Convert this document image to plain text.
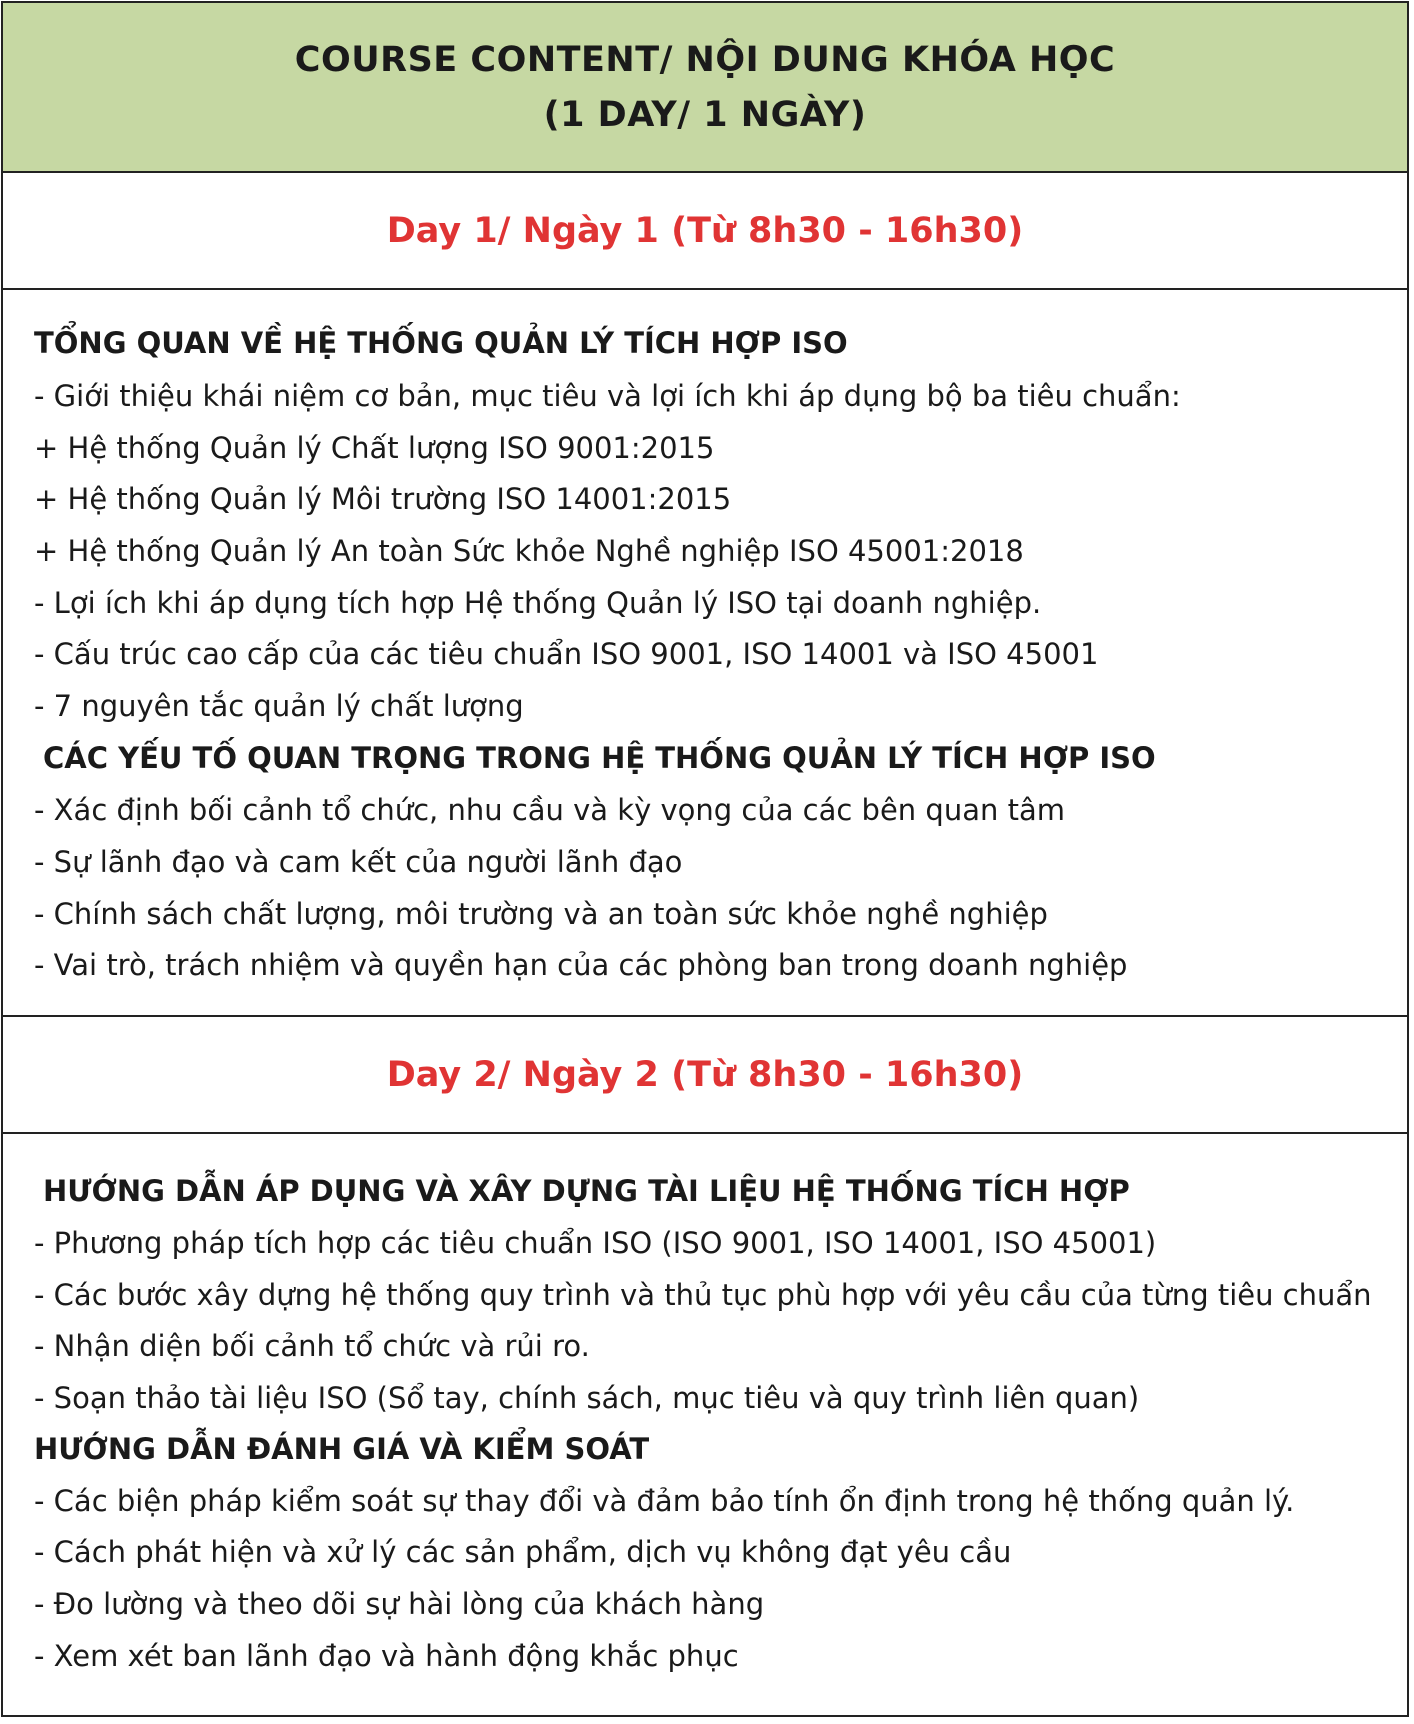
COURSE CONTENT/ NỘI DUNG KHÓA HỌC
(1 DAY/ 1 NGÀY)
Day 1/ Ngày 1 (Từ 8h30 - 16h30)
TỔNG QUAN VỀ HỆ THỐNG QUẢN LÝ TÍCH HỢP ISO
- Giới thiệu khái niệm cơ bản, mục tiêu và lợi ích khi áp dụng bộ ba tiêu chuẩn:
+ Hệ thống Quản lý Chất lượng ISO 9001:2015
+ Hệ thống Quản lý Môi trường ISO 14001:2015
+ Hệ thống Quản lý An toàn Sức khỏe Nghề nghiệp ISO 45001:2018
- Lợi ích khi áp dụng tích hợp Hệ thống Quản lý ISO tại doanh nghiệp.
- Cấu trúc cao cấp của các tiêu chuẩn ISO 9001, ISO 14001 và ISO 45001
- 7 nguyên tắc quản lý chất lượng
CÁC YẾU TỐ QUAN TRỌNG TRONG HỆ THỐNG QUẢN LÝ TÍCH HỢP ISO
- Xác định bối cảnh tổ chức, nhu cầu và kỳ vọng của các bên quan tâm
- Sự lãnh đạo và cam kết của người lãnh đạo
- Chính sách chất lượng, môi trường và an toàn sức khỏe nghề nghiệp
- Vai trò, trách nhiệm và quyền hạn của các phòng ban trong doanh nghiệp
Day 2/ Ngày 2 (Từ 8h30 - 16h30)
HƯỚNG DẪN ÁP DỤNG VÀ XÂY DỰNG TÀI LIỆU HỆ THỐNG TÍCH HỢP
- Phương pháp tích hợp các tiêu chuẩn ISO (ISO 9001, ISO 14001, ISO 45001)
- Các bước xây dựng hệ thống quy trình và thủ tục phù hợp với yêu cầu của từng tiêu chuẩn
- Nhận diện bối cảnh tổ chức và rủi ro.
- Soạn thảo tài liệu ISO (Sổ tay, chính sách, mục tiêu và quy trình liên quan)
HƯỚNG DẪN ĐÁNH GIÁ VÀ KIỂM SOÁT
- Các biện pháp kiểm soát sự thay đổi và đảm bảo tính ổn định trong hệ thống quản lý.
- Cách phát hiện và xử lý các sản phẩm, dịch vụ không đạt yêu cầu
- Đo lường và theo dõi sự hài lòng của khách hàng
- Xem xét ban lãnh đạo và hành động khắc phục
